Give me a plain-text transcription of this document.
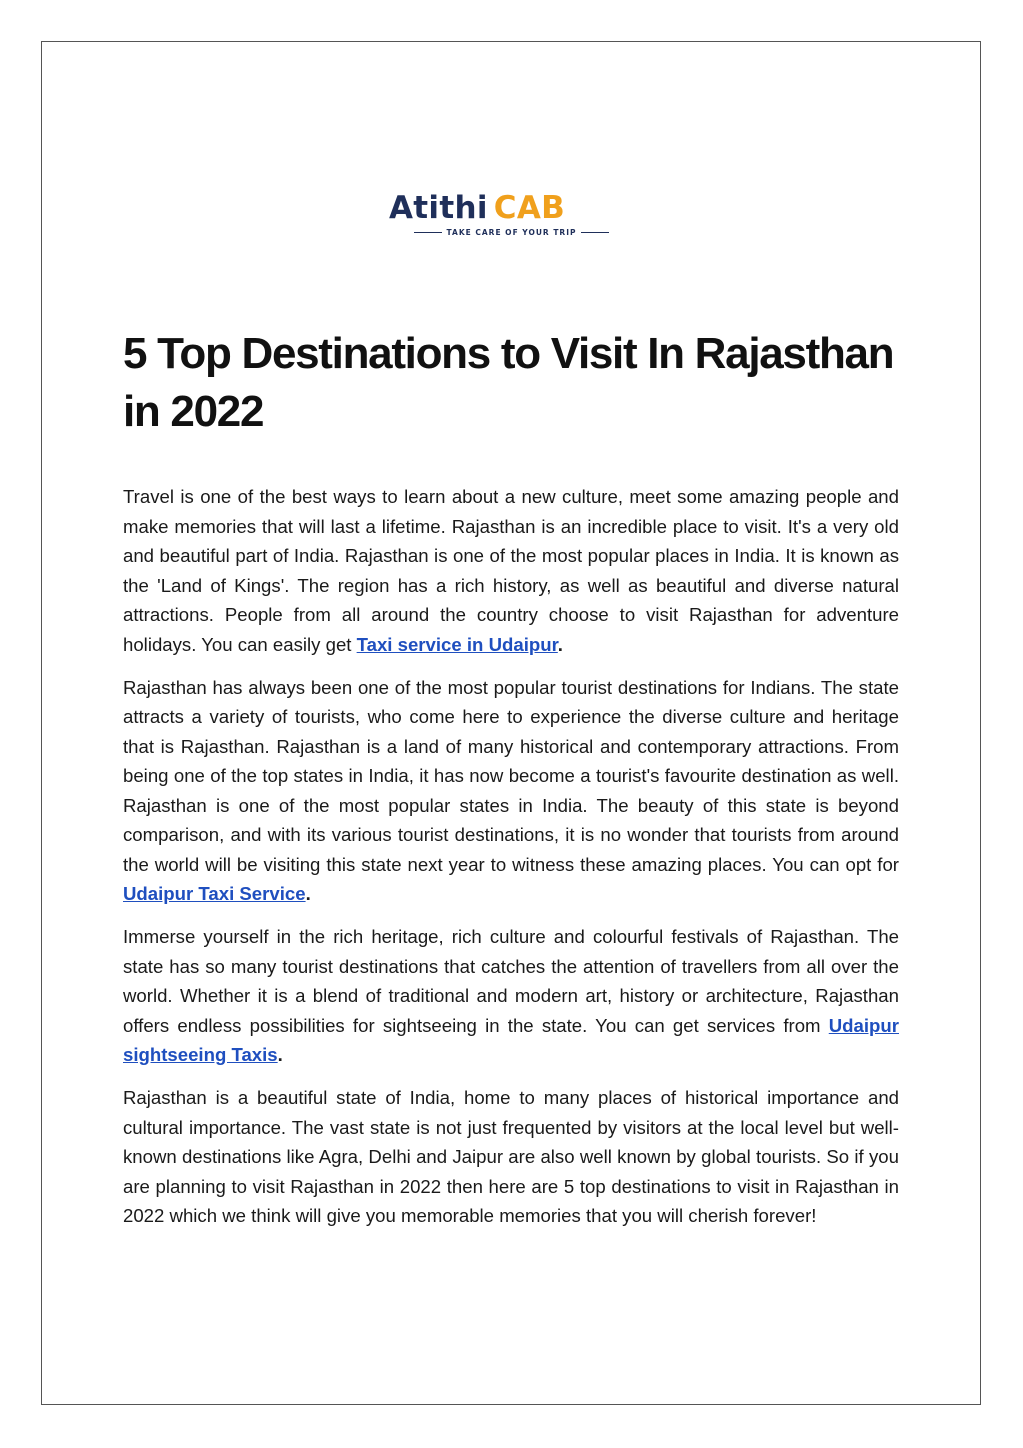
Atithi CAB
TAKE CARE OF YOUR TRIP
5 Top Destinations to Visit In Rajasthan in 2022

Travel is one of the best ways to learn about a new culture, meet some amazing people and make memories that will last a lifetime. Rajasthan is an incredible place to visit. It's a very old and beautiful part of India. Rajasthan is one of the most popular places in India. It is known as the 'Land of Kings'. The region has a rich history, as well as beautiful and diverse natural attractions. People from all around the country choose to visit Rajasthan for adventure holidays. You can easily get Taxi service in Udaipur.

Rajasthan has always been one of the most popular tourist destinations for Indians. The state attracts a variety of tourists, who come here to experience the diverse culture and heritage that is Rajasthan. Rajasthan is a land of many historical and contemporary attractions. From being one of the top states in India, it has now become a tourist's favourite destination as well. Rajasthan is one of the most popular states in India. The beauty of this state is beyond comparison, and with its various tourist destinations, it is no wonder that tourists from around the world will be visiting this state next year to witness these amazing places. You can opt for Udaipur Taxi Service.

Immerse yourself in the rich heritage, rich culture and colourful festivals of Rajasthan. The state has so many tourist destinations that catches the attention of travellers from all over the world. Whether it is a blend of traditional and modern art, history or architecture, Rajasthan offers endless possibilities for sightseeing in the state. You can get services from Udaipur sightseeing Taxis.

Rajasthan is a beautiful state of India, home to many places of historical importance and cultural importance. The vast state is not just frequented by visitors at the local level but well-known destinations like Agra, Delhi and Jaipur are also well known by global tourists. So if you are planning to visit Rajasthan in 2022 then here are 5 top destinations to visit in Rajasthan in 2022 which we think will give you memorable memories that you will cherish forever!
